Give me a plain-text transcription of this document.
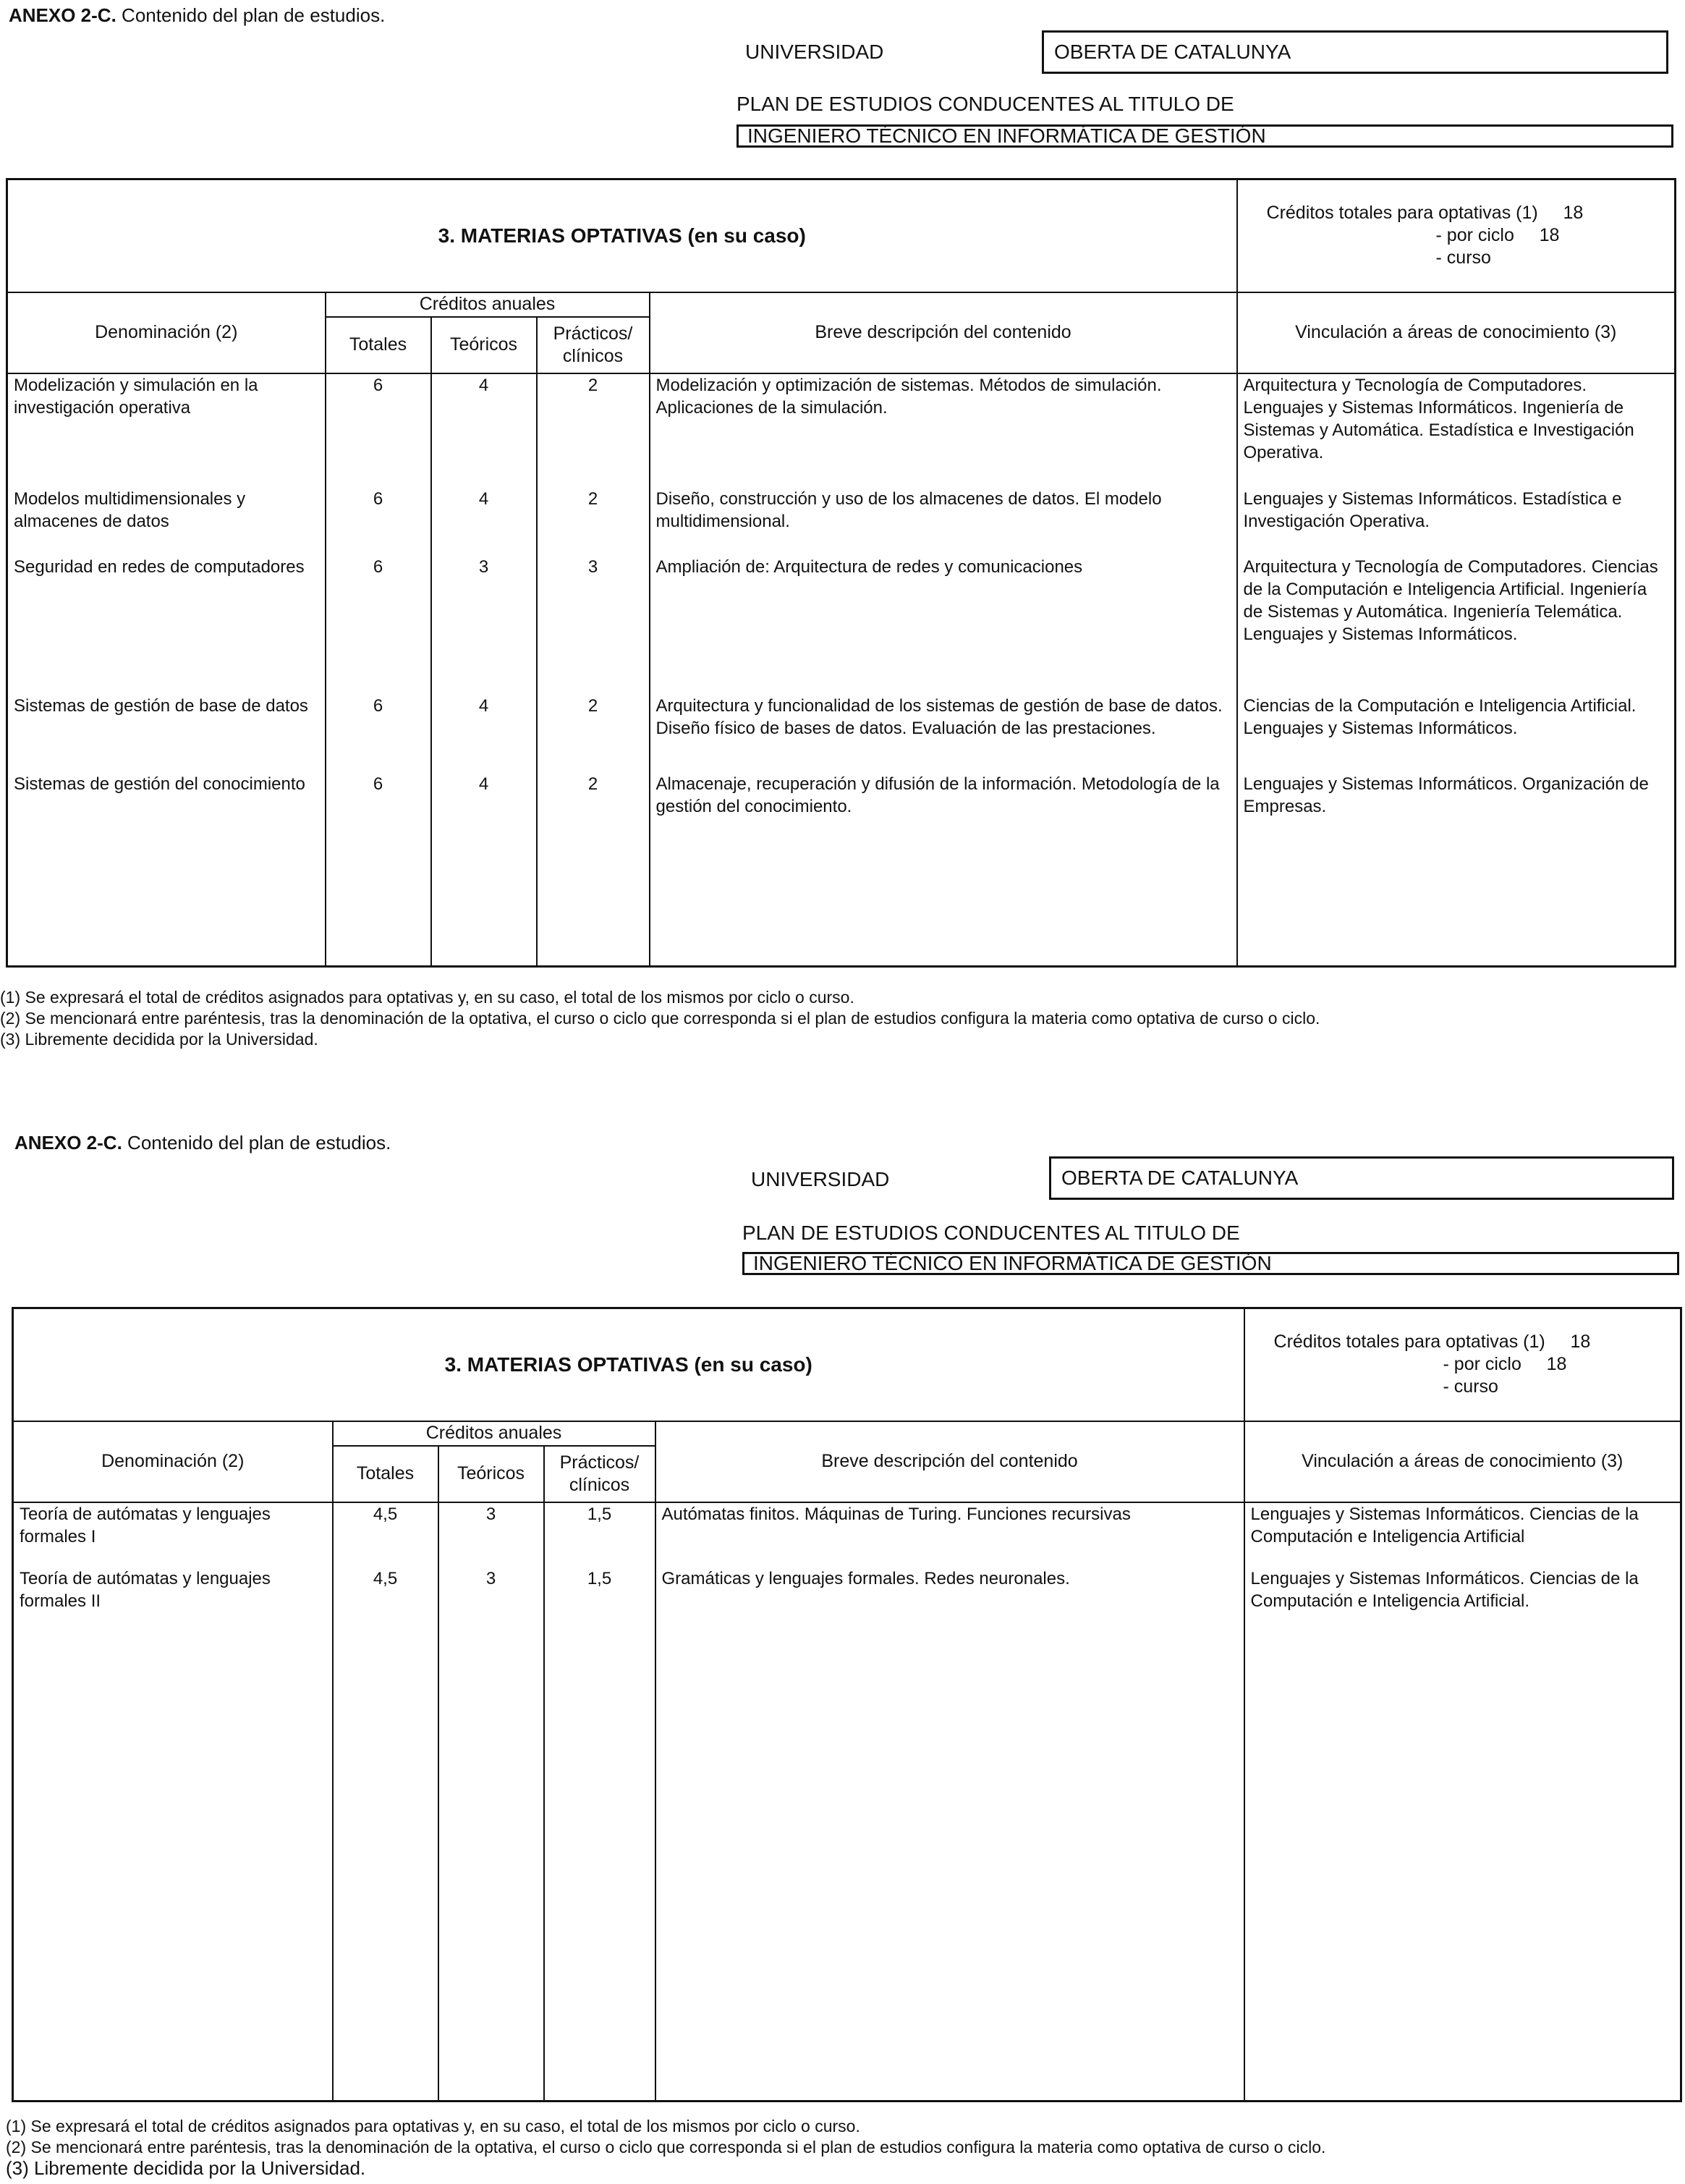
ANEXO 2-C. Contenido del plan de estudios.
UNIVERSIDAD	OBERTA DE CATALUNYA
PLAN DE ESTUDIOS CONDUCENTES AL TITULO DE
INGENIERO TÉCNICO EN INFORMÁTICA DE GESTIÓN
3. MATERIAS OPTATIVAS (en su caso)					Créditos totales para optativas (1) 18
- por ciclo 18
- curso

Denominación (2)	Créditos anuales			Breve descripción del contenido	Vinculación a áreas de conocimiento (3)
	Totales	Teóricos	Prácticos/ clínicos		
Modelización y simulación en la investigación operativa	6	4	2	Modelización y optimización de sistemas. Métodos de simulación. Aplicaciones de la simulación.	Arquitectura y Tecnología de Computadores. Lenguajes y Sistemas Informáticos. Ingeniería de Sistemas y Automática. Estadística e Investigación Operativa.
Modelos multidimensionales y almacenes de datos	6	4	2	Diseño, construcción y uso de los almacenes de datos. El modelo multidimensional.	Lenguajes y Sistemas Informáticos. Estadística e Investigación Operativa.
Seguridad en redes de computadores	6	3	3	Ampliación de: Arquitectura de redes y comunicaciones	Arquitectura y Tecnología de Computadores. Ciencias de la Computación e Inteligencia Artificial. Ingeniería de Sistemas y Automática. Ingeniería Telemática. Lenguajes y Sistemas Informáticos.
Sistemas de gestión de base de datos	6	4	2	Arquitectura y funcionalidad de los sistemas de gestión de base de datos. Diseño físico de bases de datos. Evaluación de las prestaciones.	Ciencias de la Computación e Inteligencia Artificial. Lenguajes y Sistemas Informáticos.
Sistemas de gestión del conocimiento	6	4	2	Almacenaje, recuperación y difusión de la información. Metodología de la gestión del conocimiento.	Lenguajes y Sistemas Informáticos. Organización de Empresas.
(1) Se expresará el total de créditos asignados para optativas y, en su caso, el total de los mismos por ciclo o curso.
(2) Se mencionará entre paréntesis, tras la denominación de la optativa, el curso o ciclo que corresponda si el plan de estudios configura la materia como optativa de curso o ciclo.
(3) Libremente decidida por la Universidad.
ANEXO 2-C. Contenido del plan de estudios.
UNIVERSIDAD	OBERTA DE CATALUNYA
PLAN DE ESTUDIOS CONDUCENTES AL TITULO DE
INGENIERO TÉCNICO EN INFORMÁTICA DE GESTIÓN
3. MATERIAS OPTATIVAS (en su caso)					Créditos totales para optativas (1) 18
- por ciclo 18
- curso

Denominación (2)	Créditos anuales			Breve descripción del contenido	Vinculación a áreas de conocimiento (3)
	Totales	Teóricos	Prácticos/ clínicos		
Teoría de autómatas y lenguajes formales I	4,5	3	1,5	Autómatas finitos. Máquinas de Turing. Funciones recursivas	Lenguajes y Sistemas Informáticos. Ciencias de la Computación e Inteligencia Artificial
Teoría de autómatas y lenguajes formales II	4,5	3	1,5	Gramáticas y lenguajes formales. Redes neuronales.	Lenguajes y Sistemas Informáticos. Ciencias de la Computación e Inteligencia Artificial.
(1) Se expresará el total de créditos asignados para optativas y, en su caso, el total de los mismos por ciclo o curso.
(2) Se mencionará entre paréntesis, tras la denominación de la optativa, el curso o ciclo que corresponda si el plan de estudios configura la materia como optativa de curso o ciclo.
(3) Libremente decidida por la Universidad.
